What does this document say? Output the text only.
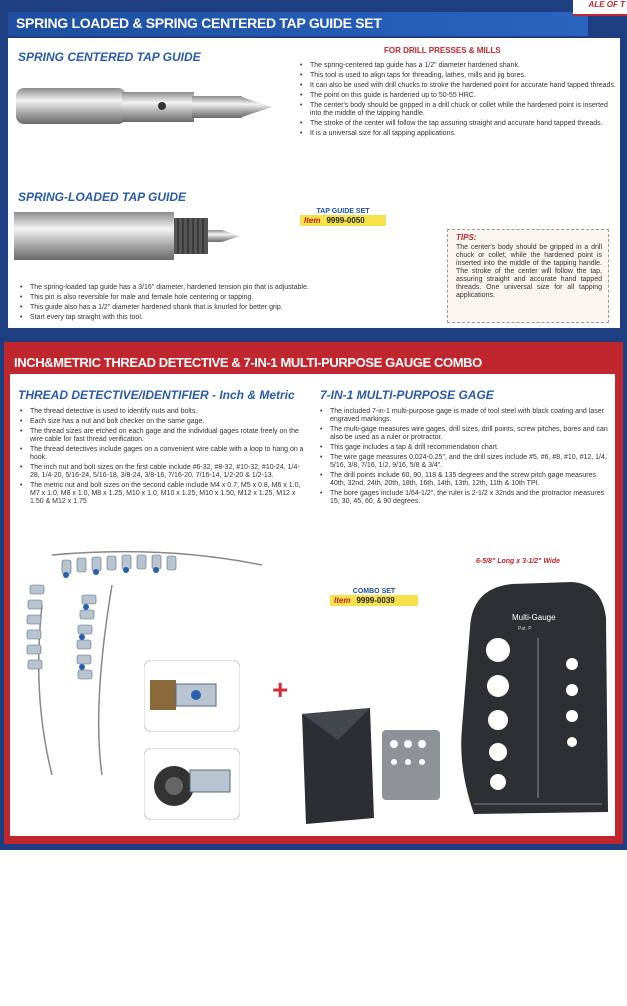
SPRING LOADED & SPRING CENTERED TAP GUIDE SET
ALE OF T
SPRING CENTERED TAP GUIDE	FOR DRILL PRESSES & MILLS
• The spring-centered tap guide has a 1/2" diameter hardened shank.
• This tool is used to align taps for threading, lathes, mills and jig bores.
• It can also be used with drill chucks to stroke the hardened point for accurate hand tapped threads.
• The point on this guide is hardened up to 50-55 HRC.
• The center's body should be gripped in a drill chuck or collet while the hardened point is inserted into the middle of the tapping handle.
• The stroke of the center will follow the tap assuring straight and accurate hand tapped threads.
• It is a universal size for all tapping applications.
SPRING-LOADED TAP GUIDE
TAP GUIDE SET
Item 9999-0050
TIPS:
The center's body should be gripped in a drill chuck or collet, while the hardened point is inserted into the middle of the tapping handle. The stroke of the center will follow the tap, assuring straight and accurate hand tapped threads. One universal size for all tapping applications.
• The spring-loaded tap guide has a 3/16" diameter, hardened tension pin that is adjustable.
• This pin is also reversible for male and female hole centering or tapping.
• This guide also has a 1/2" diameter hardened shank that is knurled for better grip.
• Start every tap straight with this tool.
INCH&METRIC THREAD DETECTIVE & 7-IN-1 MULTI-PURPOSE GAUGE COMBO
THREAD DETECTIVE/IDENTIFIER - Inch & Metric 7-IN-1 MULTI-PURPOSE GAGE
• The thread detective is used to identify nuts and bolts.
• Each size has a nut and bolt checker on the same gage.
• The thread sizes are etched on each gage and the individual gages rotate freely on the wire cable for fast thread verification.
• The thread detectives include gages on a convenient wire cable with a loop to hang on a hook.
• The inch nut and bolt sizes on the first cable include #6-32, #8-32, #10-32, #10-24, 1/4-28, 1/4-20, 5/16-24, 5/16-18, 3/8-24, 3/8-16, 7/16-20, 7/16-14, 1/2-20 & 1/2-13.
• The metric nut and bolt sizes on the second cable include M4 x 0.7, M5 x 0.8, M6 x 1.0, M7 x 1.0, M8 x 1.0, M8 x 1.25, M10 x 1.0, M10 x 1.25, M10 x 1.50, M12 x 1.25, M12 x 1.50 & M12 x 1.75
• The included 7-in-1 multi-purpose gage is made of tool steel with black coating and laser engraved markings.
• The multi-gage measures wire gages, drill sizes, drill points, screw pitches, bores and can also be used as a ruler or protractor.
• This gage includes a tap & drill recommendation chart.
• The wire gage measures 0.024-0.25", and the drill sizes include #5, #6, #8, #10, #12, 1/4, 5/16, 3/8, 7/16, 1/2, 9/16, 5/8 & 3/4".
• The drill points include 60, 90, 118 & 135 degrees and the screw pitch gage measures 40th, 32nd, 24th, 20th, 18th, 16th, 14th, 13th, 12th, 11th & 10th TPI.
• The bore gages include 1/64-1/2", the ruler is 2-1/2 x 32nds and the protractor measures 15, 30, 45, 60, & 90 degrees.
6-5/8" Long x 3-1/2" Wide
+
COMBO SET
Item 9999-0039
Multi-Gauge
Pat. P
